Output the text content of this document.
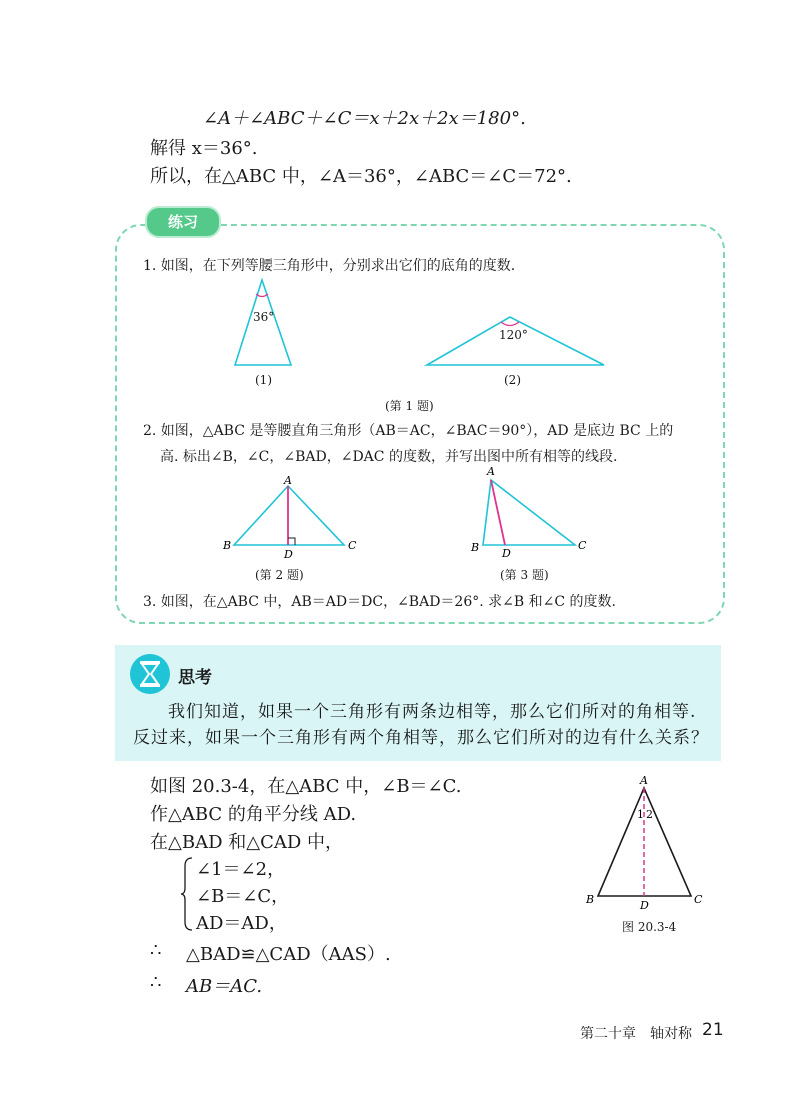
∠A＋∠ABC＋∠C＝x＋2x＋2x＝180°.
解得 x＝36°.
所以，在△ABC 中，∠A＝36°，∠ABC＝∠C＝72°.
练习
1. 如图，在下列等腰三角形中，分别求出它们的底角的度数.
36°
120°
(1)	(2)
(第 1 题)
2. 如图，△ABC 是等腰直角三角形（AB＝AC，∠BAC＝90°），AD 是底边 BC 上的
高. 标出∠B，∠C，∠BAD，∠DAC 的度数，并写出图中所有相等的线段.
A
B	C
D
(第 2 题)
A
B	C
D
(第 3 题)
3. 如图，在△ABC 中，AB＝AD＝DC，∠BAD＝26°. 求∠B 和∠C 的度数.
思考
我们知道，如果一个三角形有两条边相等，那么它们所对的角相等.
反过来，如果一个三角形有两个角相等，那么它们所对的边有什么关系？
如图 20.3-4，在△ABC 中，∠B＝∠C.
作△ABC 的角平分线 AD.
在△BAD 和△CAD 中，
∠1＝∠2，
∠B＝∠C，
AD＝AD，
∴ △BAD≌△CAD（AAS）.
∴ AB＝AC.
A
B	C
D
1 2
图 20.3-4
第二十章　轴对称 21
